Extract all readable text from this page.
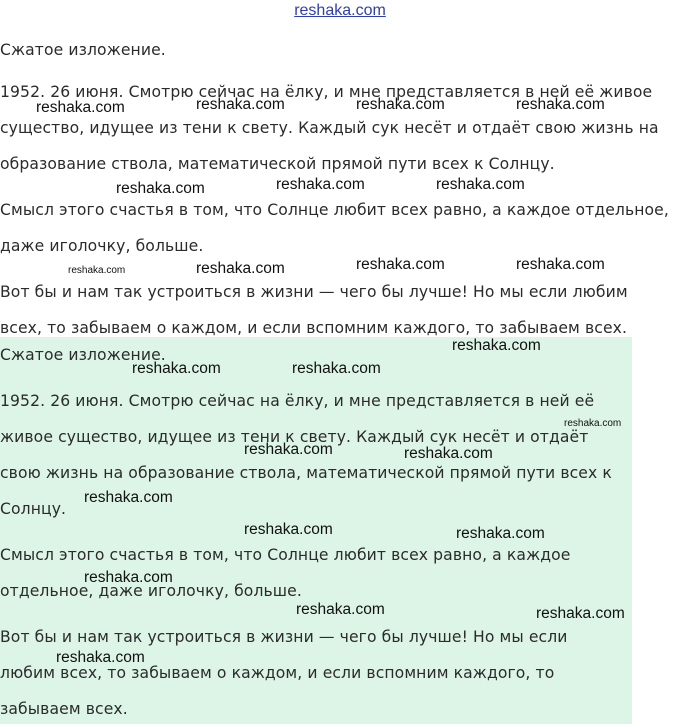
reshaka.com

Сжатое изложение.

1952. 26 июня. Смотрю сейчас на ёлку, и мне представляется в ней её живое

существо, идущее из тени к свету. Каждый сук несёт и отдаёт свою жизнь на

образование ствола, математической прямой пути всех к Солнцу.

Смысл этого счастья в том, что Солнце любит всех равно, а каждое отдельное,

даже иголочку, больше.

Вот бы и нам так устроиться в жизни — чего бы лучше! Но мы если любим

всех, то забываем о каждом, и если вспомним каждого, то забываем всех.

Сжатое изложение.

1952. 26 июня. Смотрю сейчас на ёлку, и мне представляется в ней её

живое существо, идущее из тени к свету. Каждый сук несёт и отдаёт

свою жизнь на образование ствола, математической прямой пути всех к

Солнцу.

Смысл этого счастья в том, что Солнце любит всех равно, а каждое

отдельное, даже иголочку, больше.

Вот бы и нам так устроиться в жизни — чего бы лучше! Но мы если

любим всех, то забываем о каждом, и если вспомним каждого, то

забываем всех.

reshaka.com	reshaka.com	reshaka.com	reshaka.com
reshaka.com	reshaka.com	reshaka.com
reshaka.com	reshaka.com	reshaka.com	reshaka.com
reshaka.com
reshaka.com	reshaka.com
reshaka.com
reshaka.com	reshaka.com
reshaka.com
reshaka.com	reshaka.com
reshaka.com
reshaka.com	reshaka.com
reshaka.com
